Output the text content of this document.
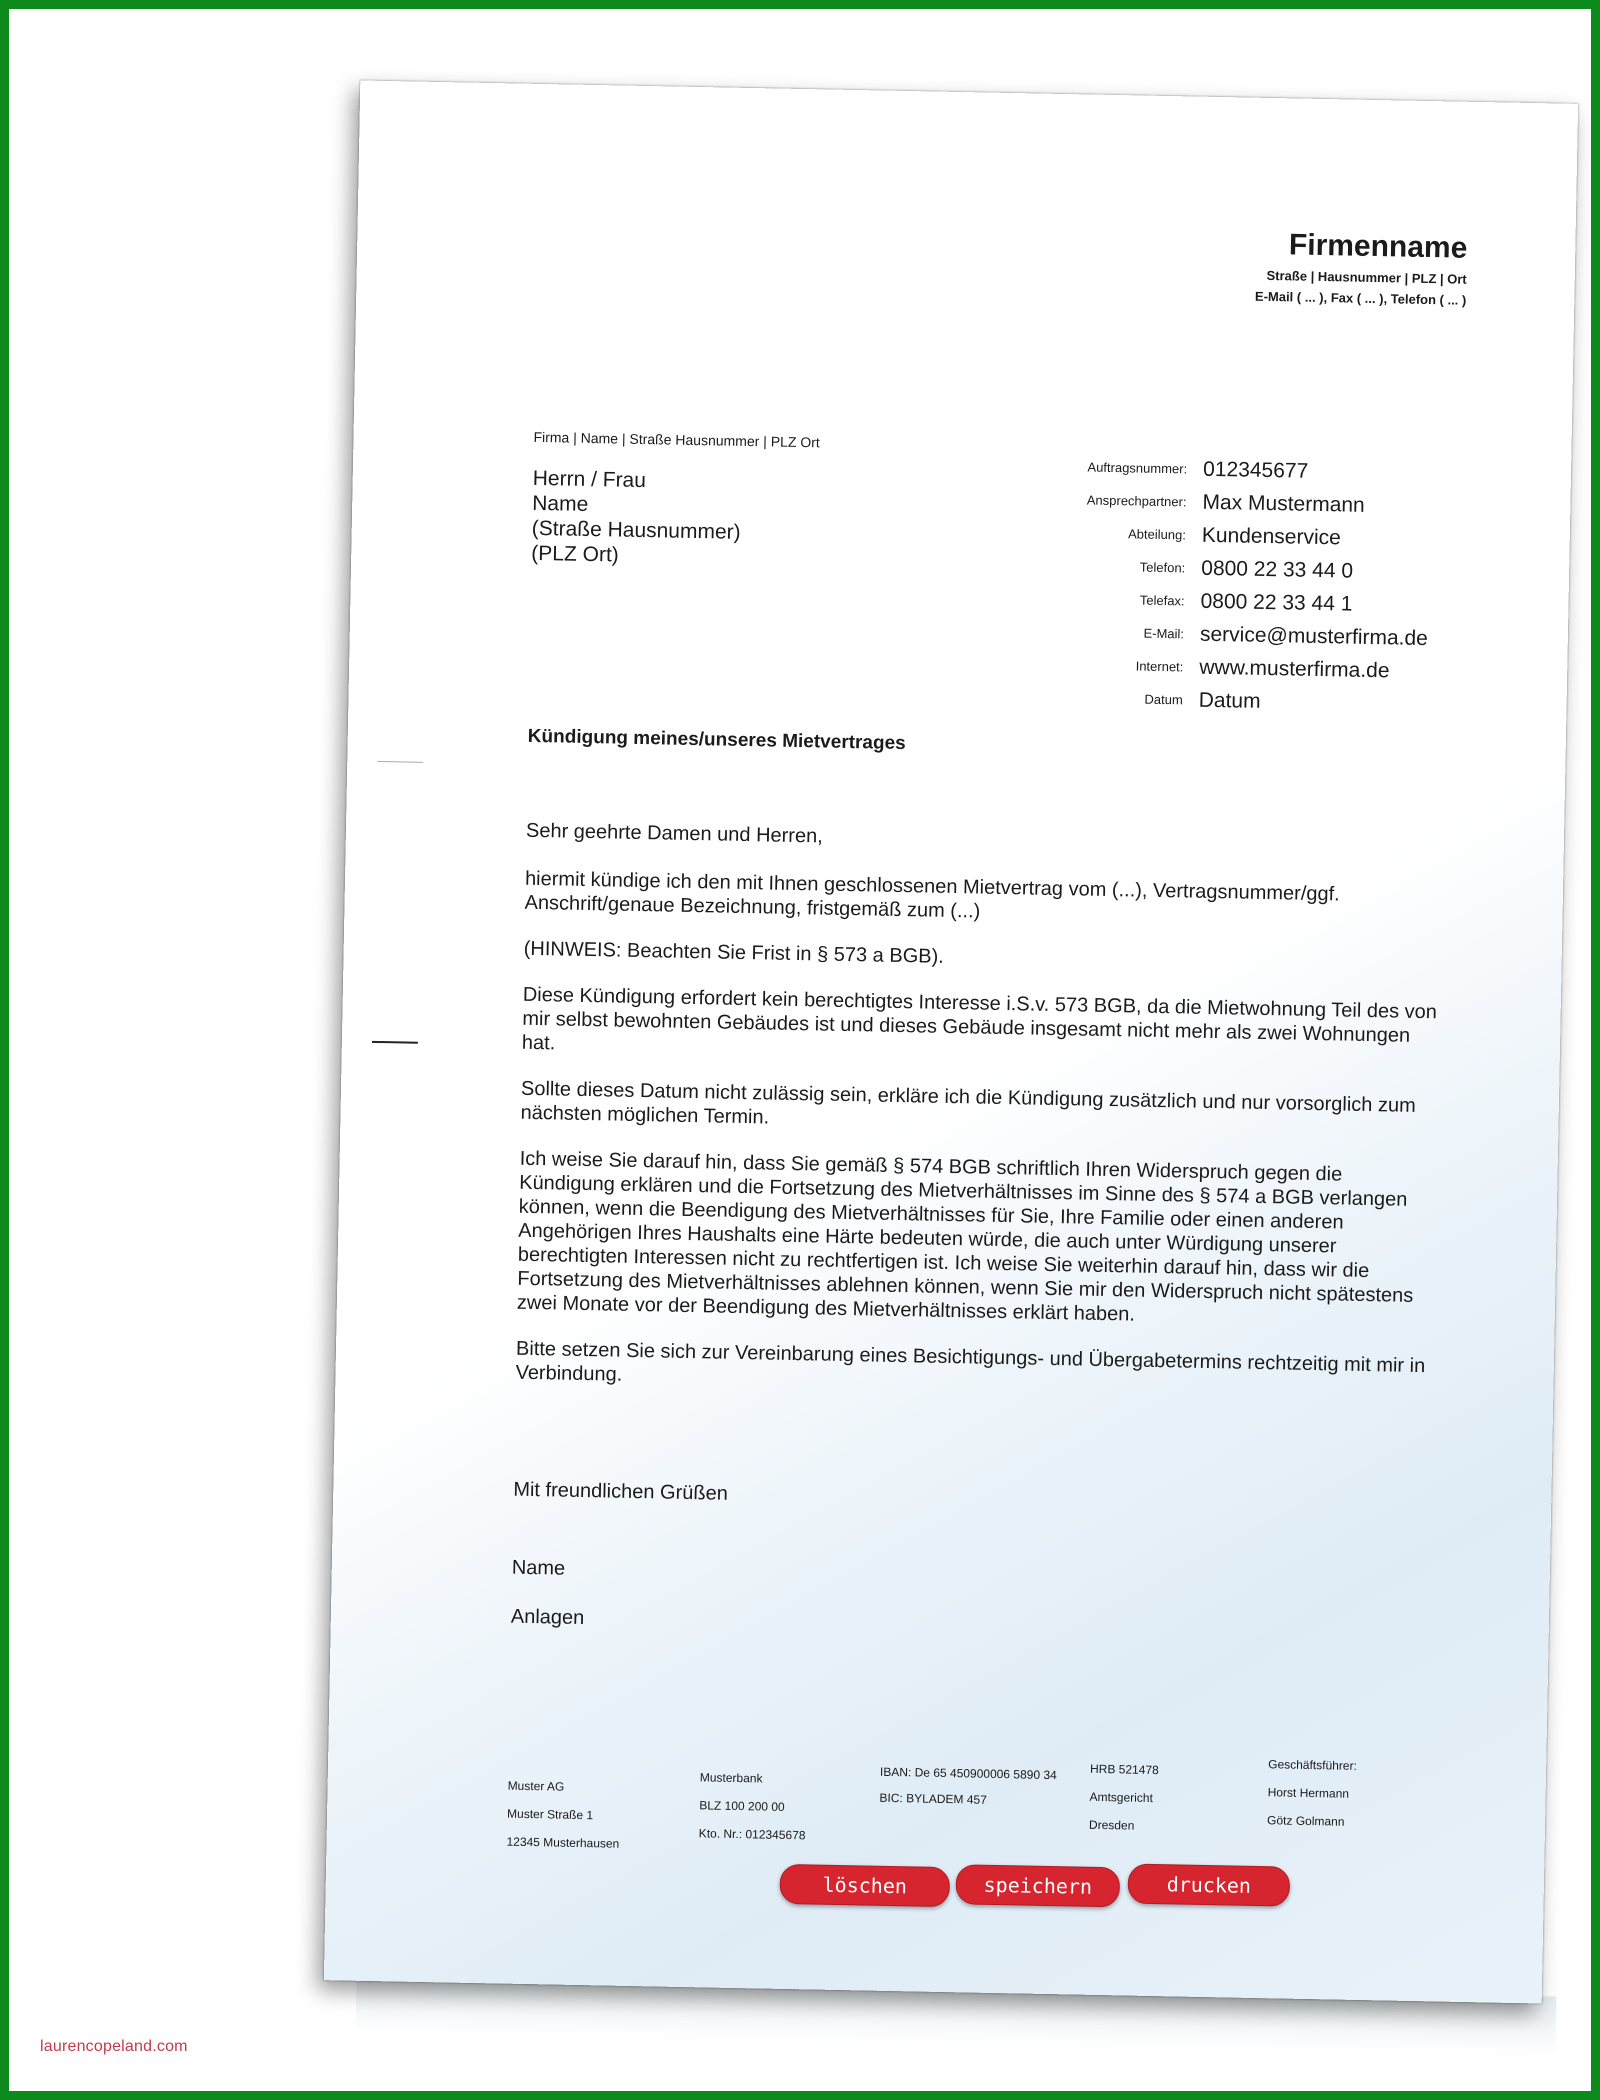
Firmenname
Straße | Hausnummer | PLZ | Ort
E-Mail ( ... ), Fax ( ... ), Telefon ( ... )
Firma | Name | Straße Hausnummer | PLZ Ort
Herrn / Frau
Name
(Straße Hausnummer)
(PLZ Ort)
Auftragsnummer:	012345677
Ansprechpartner:	Max Mustermann
Abteilung:	Kundenservice
Telefon:	0800 22 33 44 0
Telefax:	0800 22 33 44 1
E-Mail:	service@musterfirma.de
Internet:	www.musterfirma.de
Datum	Datum
Kündigung meines/unseres Mietvertrages

Sehr geehrte Damen und Herren,

hiermit kündige ich den mit Ihnen geschlossenen Mietvertrag vom (...), Vertragsnummer/ggf. Anschrift/genaue Bezeichnung, fristgemäß zum (...)

(HINWEIS: Beachten Sie Frist in § 573 a BGB).

Diese Kündigung erfordert kein berechtigtes Interesse i.S.v. 573 BGB, da die Mietwohnung Teil des von mir selbst bewohnten Gebäudes ist und dieses Gebäude insgesamt nicht mehr als zwei Wohnungen hat.

Sollte dieses Datum nicht zulässig sein, erkläre ich die Kündigung zusätzlich und nur vorsorglich zum nächsten möglichen Termin.

Ich weise Sie darauf hin, dass Sie gemäß § 574 BGB schriftlich Ihren Widerspruch gegen die Kündigung erklären und die Fortsetzung des Mietverhältnisses im Sinne des § 574 a BGB verlangen können, wenn die Beendigung des Mietverhältnisses für Sie, Ihre Familie oder einen anderen Angehörigen Ihres Haushalts eine Härte bedeuten würde, die auch unter Würdigung unserer berechtigten Interessen nicht zu rechtfertigen ist. Ich weise Sie weiterhin darauf hin, dass wir die Fortsetzung des Mietverhältnisses ablehnen können, wenn Sie mir den Widerspruch nicht spätestens zwei Monate vor der Beendigung des Mietverhältnisses erklärt haben.

Bitte setzen Sie sich zur Vereinbarung eines Besichtigungs- und Übergabetermins rechtzeitig mit mir in Verbindung.

Mit freundlichen Grüßen
Name
Anlagen
Muster AG
Muster Straße 1
12345 Musterhausen
Musterbank
BLZ 100 200 00
Kto. Nr.: 012345678
IBAN: De 65 450900006 5890 34
BIC: BYLADEM 457
HRB 521478
Amtsgericht
Dresden
Geschäftsführer:
Horst Hermann
Götz Golmann
löschen	speichern	drucken
laurencopeland.com
